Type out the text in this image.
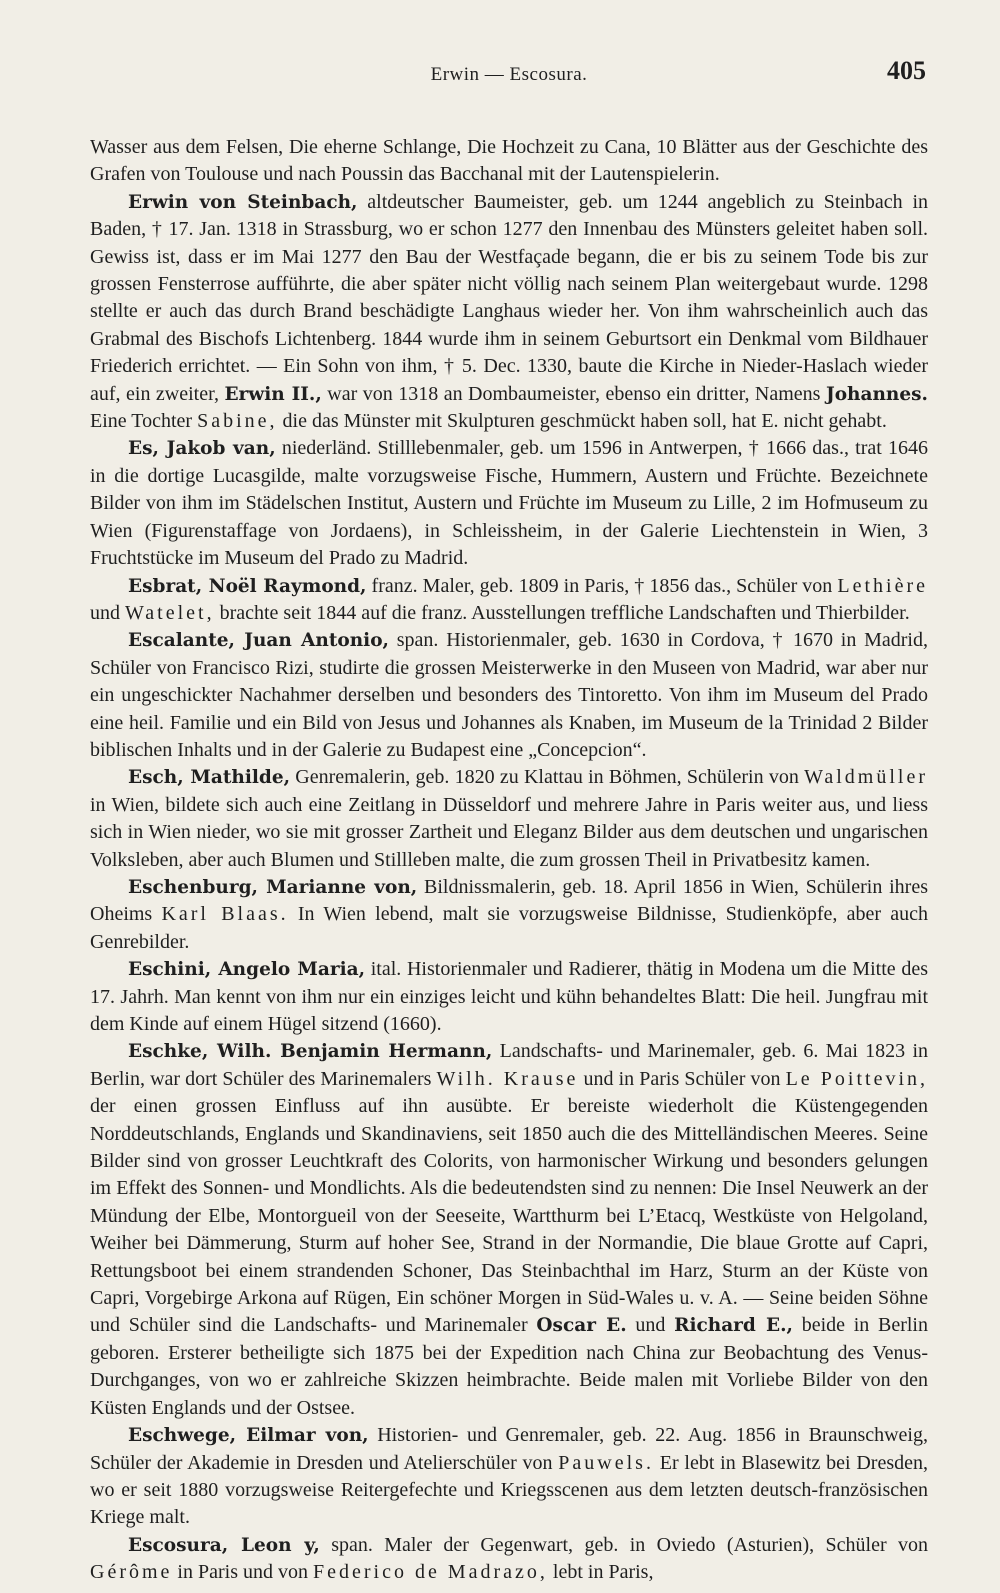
Erwin — Escosura.	405

Wasser aus dem Felsen, Die eherne Schlange, Die Hochzeit zu Cana, 10 Blätter aus der Geschichte des Grafen von Toulouse und nach Poussin das Bacchanal mit der Lautenspielerin.

Erwin von Steinbach, altdeutscher Baumeister, geb. um 1244 angeblich zu Steinbach in Baden, † 17. Jan. 1318 in Strassburg, wo er schon 1277 den Innenbau des Münsters geleitet haben soll. Gewiss ist, dass er im Mai 1277 den Bau der Westfaçade begann, die er bis zu seinem Tode bis zur grossen Fensterrose aufführte, die aber später nicht völlig nach seinem Plan weitergebaut wurde. 1298 stellte er auch das durch Brand beschädigte Langhaus wieder her. Von ihm wahrscheinlich auch das Grabmal des Bischofs Lichtenberg. 1844 wurde ihm in seinem Geburtsort ein Denkmal vom Bildhauer Friederich errichtet. — Ein Sohn von ihm, † 5. Dec. 1330, baute die Kirche in Nieder-Haslach wieder auf, ein zweiter, Erwin II., war von 1318 an Dombaumeister, ebenso ein dritter, Namens Johannes. Eine Tochter Sabine, die das Münster mit Skulpturen geschmückt haben soll, hat E. nicht gehabt.

Es, Jakob van, niederländ. Stilllebenmaler, geb. um 1596 in Antwerpen, † 1666 das., trat 1646 in die dortige Lucasgilde, malte vorzugsweise Fische, Hummern, Austern und Früchte. Bezeichnete Bilder von ihm im Städelschen Institut, Austern und Früchte im Museum zu Lille, 2 im Hofmuseum zu Wien (Figurenstaffage von Jordaens), in Schleissheim, in der Galerie Liechtenstein in Wien, 3 Fruchtstücke im Museum del Prado zu Madrid.

Esbrat, Noël Raymond, franz. Maler, geb. 1809 in Paris, † 1856 das., Schüler von Lethière und Watelet, brachte seit 1844 auf die franz. Ausstellungen treffliche Landschaften und Thierbilder.

Escalante, Juan Antonio, span. Historienmaler, geb. 1630 in Cordova, † 1670 in Madrid, Schüler von Francisco Rizi, studirte die grossen Meisterwerke in den Museen von Madrid, war aber nur ein ungeschickter Nachahmer derselben und besonders des Tintoretto. Von ihm im Museum del Prado eine heil. Familie und ein Bild von Jesus und Johannes als Knaben, im Museum de la Trinidad 2 Bilder biblischen Inhalts und in der Galerie zu Budapest eine „Concepcion“.

Esch, Mathilde, Genremalerin, geb. 1820 zu Klattau in Böhmen, Schülerin von Waldmüller in Wien, bildete sich auch eine Zeitlang in Düsseldorf und mehrere Jahre in Paris weiter aus, und liess sich in Wien nieder, wo sie mit grosser Zartheit und Eleganz Bilder aus dem deutschen und ungarischen Volksleben, aber auch Blumen und Stillleben malte, die zum grossen Theil in Privatbesitz kamen.

Eschenburg, Marianne von, Bildnissmalerin, geb. 18. April 1856 in Wien, Schülerin ihres Oheims Karl Blaas. In Wien lebend, malt sie vorzugsweise Bildnisse, Studienköpfe, aber auch Genrebilder.

Eschini, Angelo Maria, ital. Historienmaler und Radierer, thätig in Modena um die Mitte des 17. Jahrh. Man kennt von ihm nur ein einziges leicht und kühn behandeltes Blatt: Die heil. Jungfrau mit dem Kinde auf einem Hügel sitzend (1660).

Eschke, Wilh. Benjamin Hermann, Landschafts- und Marinemaler, geb. 6. Mai 1823 in Berlin, war dort Schüler des Marinemalers Wilh. Krause und in Paris Schüler von Le Poittevin, der einen grossen Einfluss auf ihn ausübte. Er bereiste wiederholt die Küstengegenden Norddeutschlands, Englands und Skandinaviens, seit 1850 auch die des Mittelländischen Meeres. Seine Bilder sind von grosser Leuchtkraft des Colorits, von harmonischer Wirkung und besonders gelungen im Effekt des Sonnen- und Mondlichts. Als die bedeutendsten sind zu nennen: Die Insel Neuwerk an der Mündung der Elbe, Montorgueil von der Seeseite, Wartthurm bei L’Etacq, Westküste von Helgoland, Weiher bei Dämmerung, Sturm auf hoher See, Strand in der Normandie, Die blaue Grotte auf Capri, Rettungsboot bei einem strandenden Schoner, Das Steinbachthal im Harz, Sturm an der Küste von Capri, Vorgebirge Arkona auf Rügen, Ein schöner Morgen in Süd-Wales u. v. A. — Seine beiden Söhne und Schüler sind die Landschafts- und Marinemaler Oscar E. und Richard E., beide in Berlin geboren. Ersterer betheiligte sich 1875 bei der Expedition nach China zur Beobachtung des Venus-Durchganges, von wo er zahlreiche Skizzen heimbrachte. Beide malen mit Vorliebe Bilder von den Küsten Englands und der Ostsee.

Eschwege, Eilmar von, Historien- und Genremaler, geb. 22. Aug. 1856 in Braunschweig, Schüler der Akademie in Dresden und Atelierschüler von Pauwels. Er lebt in Blasewitz bei Dresden, wo er seit 1880 vorzugsweise Reitergefechte und Kriegsscenen aus dem letzten deutsch-französischen Kriege malt.

Escosura, Leon y, span. Maler der Gegenwart, geb. in Oviedo (Asturien), Schüler von Gérôme in Paris und von Federico de Madrazo, lebt in Paris,
